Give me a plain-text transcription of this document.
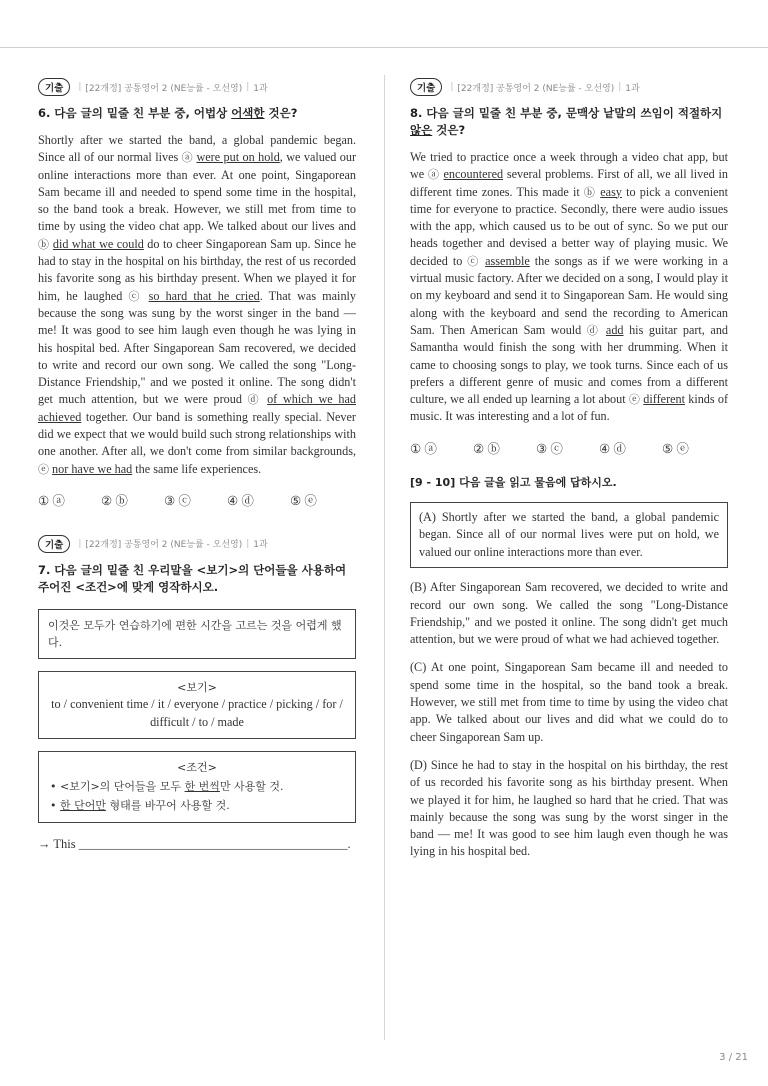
기출	| [22개정] 공통영어 2 (NE능률 - 오선영) | 1과
6. 다음 글의 밑줄 친 부분 중, 어법상 어색한 것은?
Shortly after we started the band, a global pandemic began. Since all of our normal lives ⓐ were put on hold, we valued our online interactions more than ever. At one point, Singaporean Sam became ill and needed to spend some time in the hospital, so the band took a break. However, we still met from time to time by using the video chat app. We talked about our lives and ⓑ did what we could do to cheer Singaporean Sam up. Since he had to stay in the hospital on his birthday, the rest of us recorded his favorite song as his birthday present. When we played it for him, he laughed ⓒ so hard that he cried. That was mainly because the song was sung by the worst singer in the band — me! It was good to see him laugh even though he was lying in his hospital bed. After Singaporean Sam recovered, we decided to write and record our own song. We called the song "Long-Distance Friendship," and we posted it online. The song didn't get much attention, but we were proud ⓓ of which we had achieved together. Our band is something really special. Never did we expect that we would build such strong relationships with one another. After all, we don't come from similar backgrounds, ⓔ nor have we had the same life experiences.
① ⓐ	② ⓑ	③ ⓒ	④ ⓓ	⑤ ⓔ
기출	| [22개정] 공통영어 2 (NE능률 - 오선영) | 1과
7. 다음 글의 밑줄 친 우리말을 <보기>의 단어들을 사용하여 주어진 <조건>에 맞게 영작하시오.
이것은 모두가 연습하기에 편한 시간을 고르는 것을 어렵게 했다.
<보기>
to / convenient time / it / everyone / practice / picking / for / difficult / to / made
<조건>
• <보기>의 단어들을 모두 한 번씩만 사용할 것.
• 한 단어만 형태를 바꾸어 사용할 것.
→ This ___________________________________________.
기출	| [22개정] 공통영어 2 (NE능률 - 오선영) | 1과
8. 다음 글의 밑줄 친 부분 중, 문맥상 낱말의 쓰임이 적절하지 않은 것은?
We tried to practice once a week through a video chat app, but we ⓐ encountered several problems. First of all, we all lived in different time zones. This made it ⓑ easy to pick a convenient time for everyone to practice. Secondly, there were audio issues with the app, which caused us to be out of sync. So we put our heads together and devised a better way of playing music. We decided to ⓒ assemble the songs as if we were working in a virtual music factory. After we decided on a song, I would play it on my keyboard and send it to Singaporean Sam. He would sing along with the keyboard and send the recording to American Sam. Then American Sam would ⓓ add his guitar part, and Samantha would finish the song with her drumming. When it came to choosing songs to play, we took turns. Since each of us prefers a different genre of music and comes from a different culture, we all ended up learning a lot about ⓔ different kinds of music. It was interesting and a lot of fun.
① ⓐ	② ⓑ	③ ⓒ	④ ⓓ	⑤ ⓔ
[9 - 10] 다음 글을 읽고 물음에 답하시오.
(A) Shortly after we started the band, a global pandemic began. Since all of our normal lives were put on hold, we valued our online interactions more than ever.
(B) After Singaporean Sam recovered, we decided to write and record our own song. We called the song "Long-Distance Friendship," and we posted it online. The song didn't get much attention, but we were proud of what we had achieved together.
(C) At one point, Singaporean Sam became ill and needed to spend some time in the hospital, so the band took a break. However, we still met from time to time by using the video chat app. We talked about our lives and did what we could do to cheer Singaporean Sam up.
(D) Since he had to stay in the hospital on his birthday, the rest of us recorded his favorite song as his birthday present. When we played it for him, he laughed so hard that he cried. That was mainly because the song was sung by the worst singer in the band — me! It was good to see him laugh even though he was lying in his hospital bed.
3 / 21
